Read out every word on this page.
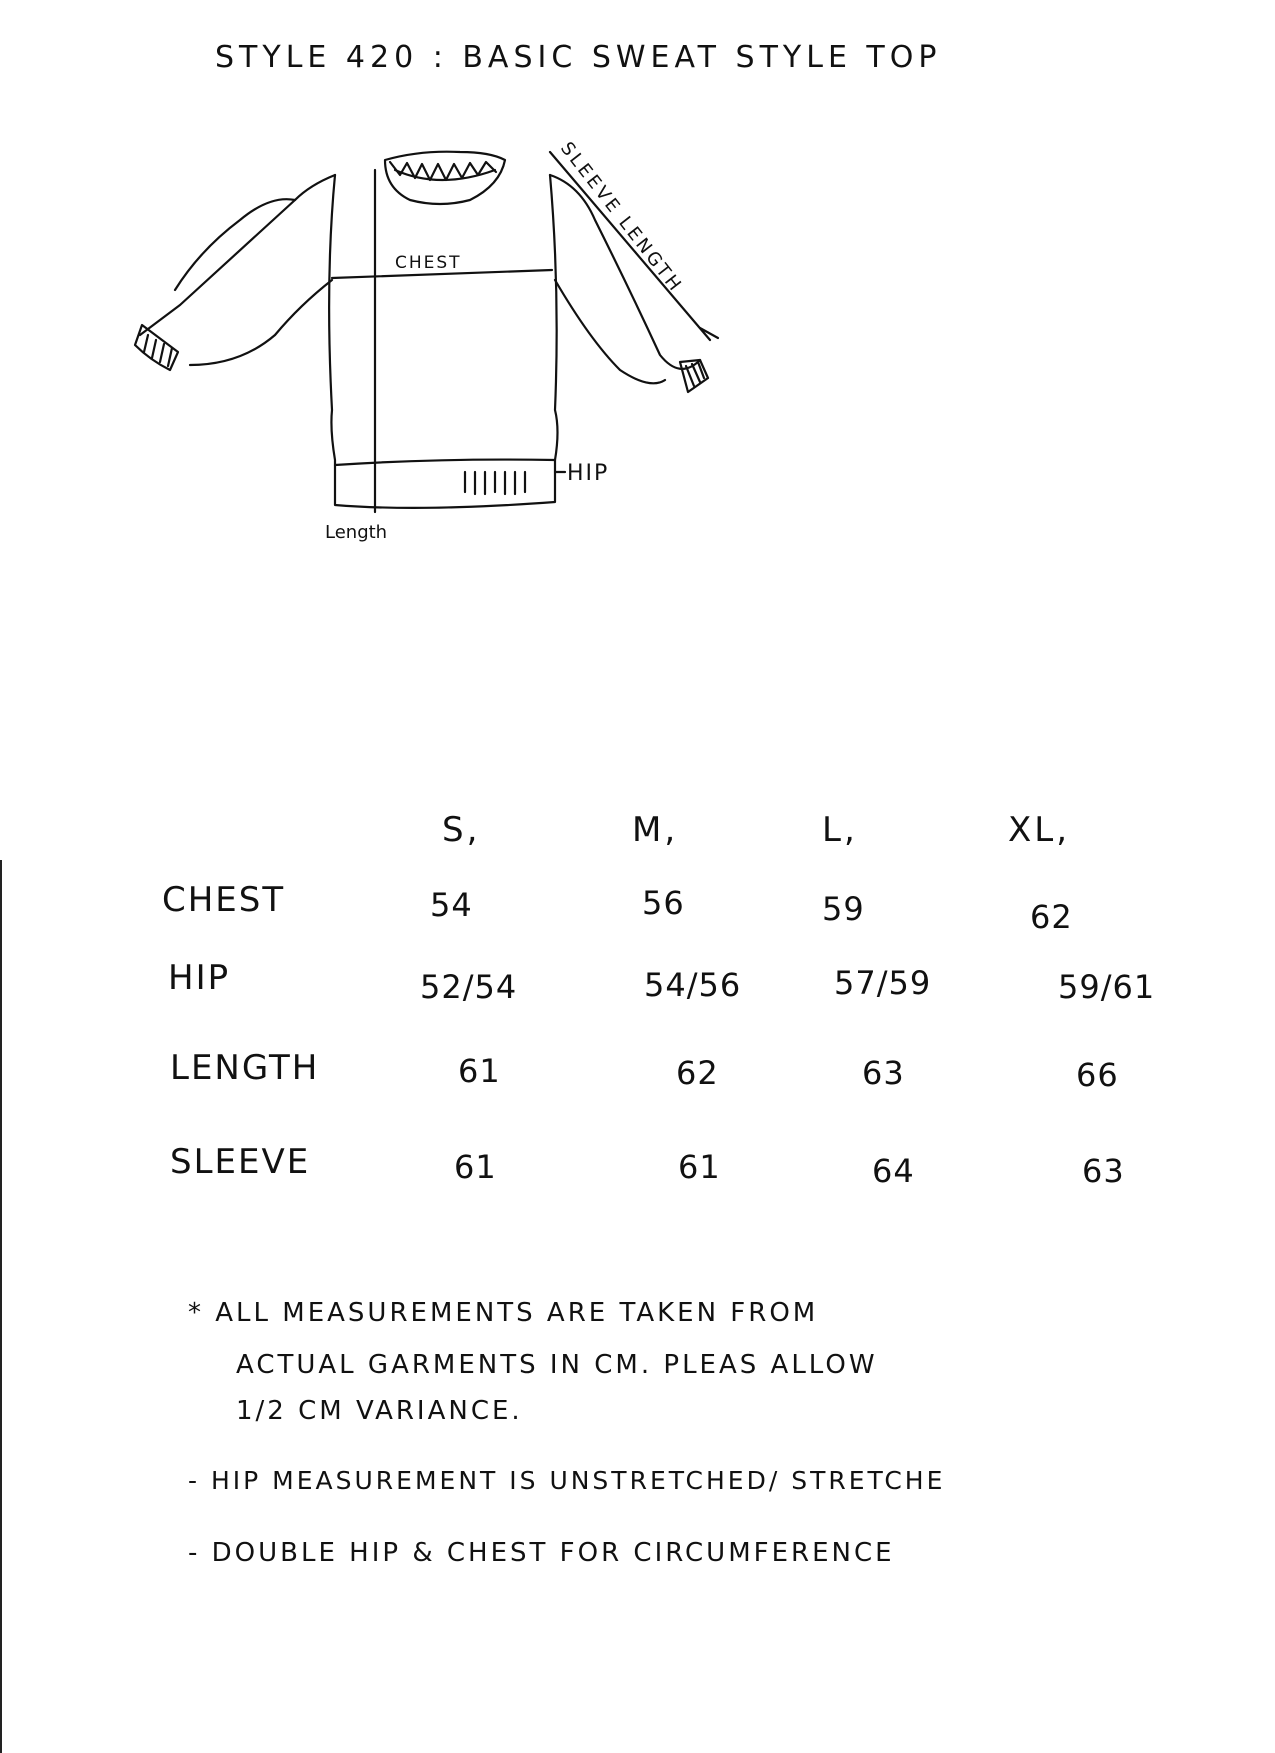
STYLE 420 : BASIC SWEAT STYLE TOP
CHEST
HIP
Length
SLEEVE LENGTH
S,	M,	L,	XL,
CHEST	54	56	59	62
HIP	52/54	54/56	57/59	59/61
LENGTH	61	62	63	66
SLEEVE	61	61	64	63
* ALL MEASUREMENTS ARE TAKEN FROM
ACTUAL GARMENTS IN CM. PLEAS ALLOW
1/2 CM VARIANCE.
- HIP MEASUREMENT IS UNSTRETCHED/ STRETCHE
- DOUBLE HIP & CHEST FOR CIRCUMFERENCE
